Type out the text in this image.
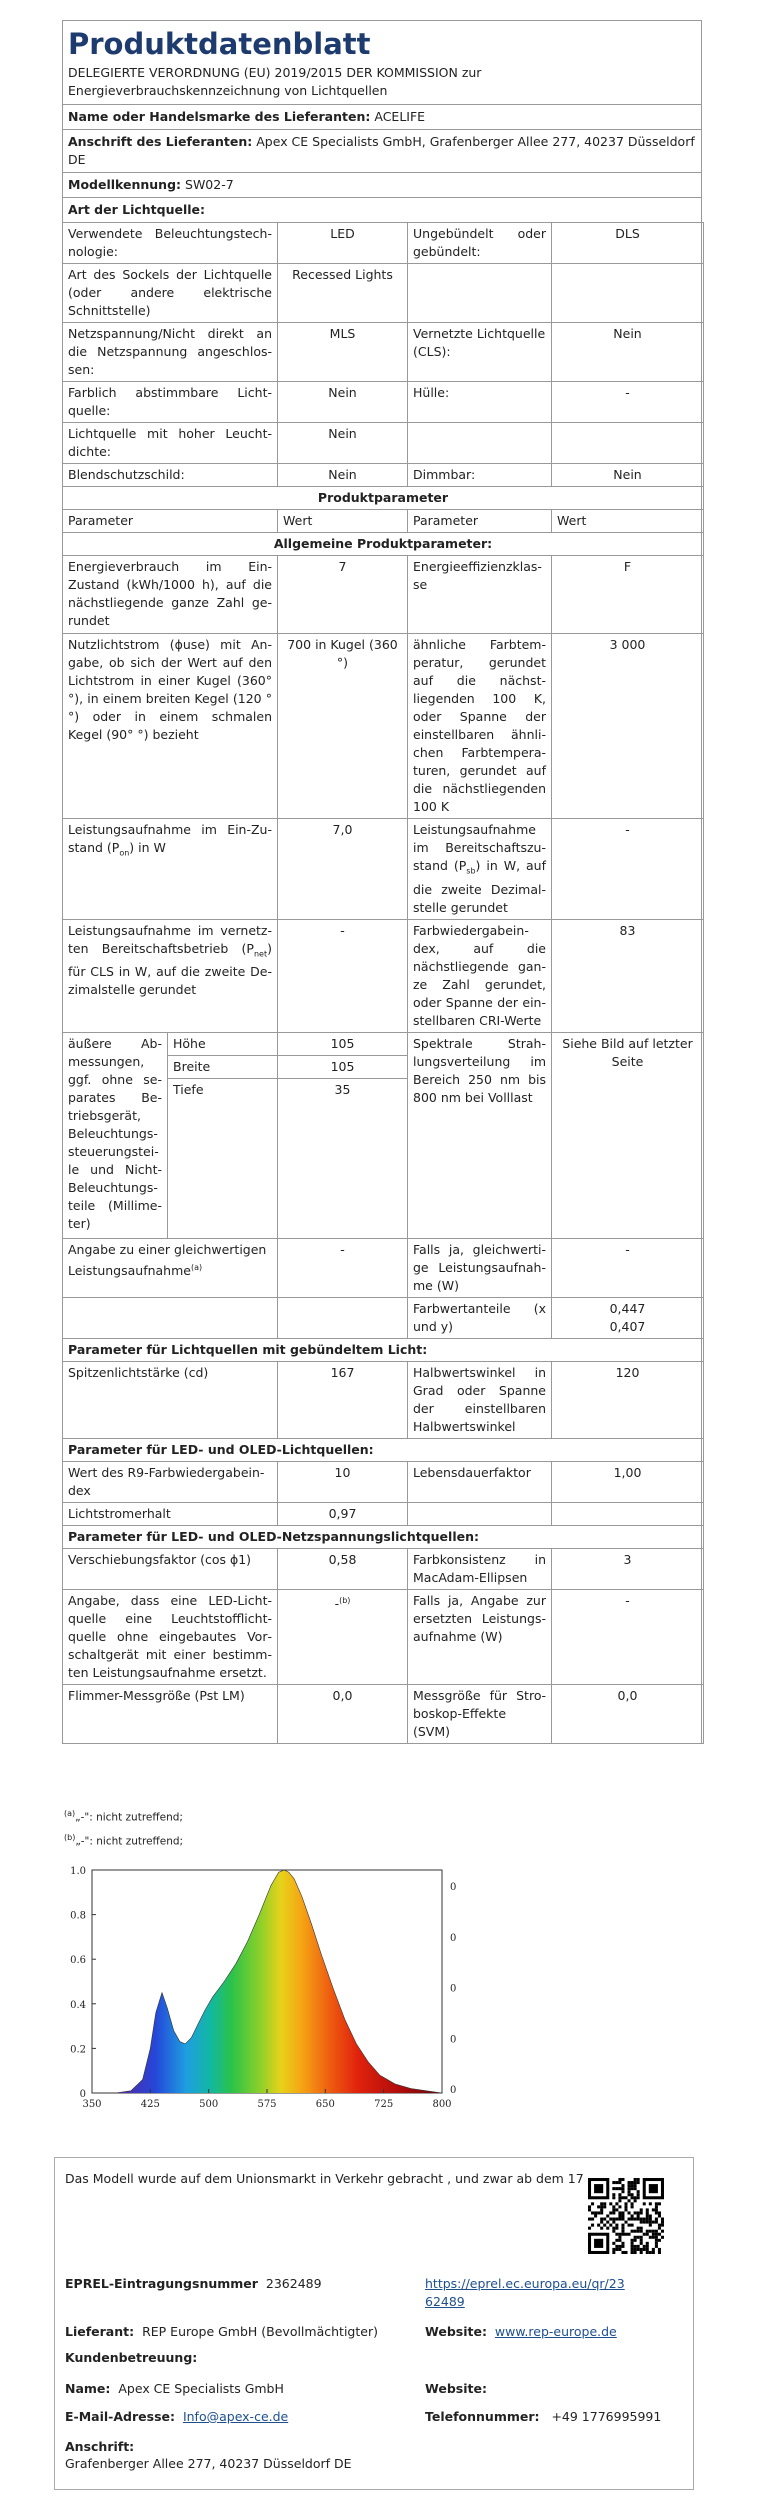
Produktdatenblatt
DELEGIERTE VERORDNUNG (EU) 2019/2015 DER KOMMISSION zur Energieverbrauchskennzeichnung von Lichtquellen
Name oder Handelsmarke des Lieferanten: ACELIFE
Anschrift des Lieferanten: Apex CE Specialists GmbH, Grafenberger Allee 277, 40237 Düsseldorf DE
Modellkennung: SW02-7
Art der Lichtquelle:
Verwendete Beleuchtungstechnologie:	LED	Ungebündelt oder gebündelt:	DLS
Art des Sockels der Lichtquelle (oder andere elektrische Schnittstelle)	Recessed Lights		
Netzspannung/Nicht direkt an die Netzspannung angeschlossen:	MLS	Vernetzte Lichtquelle (CLS):	Nein
Farblich abstimmbare Lichtquelle:	Nein	Hülle:	-
Lichtquelle mit hoher Leuchtdichte:	Nein		
Blendschutzschild:	Nein	Dimmbar:	Nein
Produktparameter			
Parameter	Wert	Parameter	Wert
Allgemeine Produktparameter:			
Energieverbrauch im Ein-Zustand (kWh/1000 h), auf die nächstliegende ganze Zahl gerundet	7	Energieeffizienzklasse	F
Nutzlichtstrom (ɸuse) mit Angabe, ob sich der Wert auf den Lichtstrom in einer Kugel (360° °), in einem breiten Kegel (120 °°) oder in einem schmalen Kegel (90° °) bezieht	700 in Kugel (360 °)	ähnliche Farbtemperatur, gerundet auf die nächstliegenden 100 K, oder Spanne der einstellbaren ähnlichen Farbtemperaturen, gerundet auf die nächstliegenden 100 K	3 000
Leistungsaufnahme im Ein-Zustand $(P_{on})$ in W	7,0	Leistungsaufnahme im Bereitschaftszustand $(P_{sb})$ in W, auf die zweite Dezimalstelle gerundet	-
Leistungsaufnahme im vernetzten Bereitschaftsbetrieb $(P_{net})$ für CLS in W, auf die zweite Dezimalstelle gerundet	-	Farbwiedergabeindex, auf die nächstliegende ganze Zahl gerundet, oder Spanne der einstellbaren CRI-Werte	83
äußere Abmessungen, ggf. ohne separates Betriebsgerät, Beleuchtungssteuerungsteile und Nicht-Beleuchtungsteile (Millimeter)	Höhe	105	Spektrale Strahlungsverteilung im Bereich 250 nm bis 800 nm bei Volllast	Siehe Bild auf letzter Seite
	Breite	105		
	Tiefe	35		

Angabe zu einer gleichwertigen Leistungsaufnahme$^{(a)}$	-	Falls ja, gleichwertige Leistungsaufnahme (W)	-
		Farbwertanteile (x und y)	0,447
0,407

Parameter für Lichtquellen mit gebündeltem Licht:			
Spitzenlichtstärke (cd)	167	Halbwertswinkel in Grad oder Spanne der einstellbaren Halbwertswinkel	120
Parameter für LED- und OLED-Lichtquellen:			
Wert des R9-Farbwiedergabeindex	10	Lebensdauerfaktor	1,00
Lichtstromerhalt	0,97		
Parameter für LED- und OLED-Netzspannungslichtquellen:			
Verschiebungsfaktor (cos ɸ1)	0,58	Farbkonsistenz in MacAdam-Ellipsen	3
Angabe, dass eine LED-Lichtquelle eine Leuchtstofflichtquelle ohne eingebautes Vorschaltgerät mit einer bestimmten Leistungsaufnahme ersetzt.	-$^{(b)}$	Falls ja, Angabe zur ersetzten Leistungsaufnahme (W)	-
Flimmer-Messgröße (Pst LM)	0,0	Messgröße für Stroboskop-Effekte (SVM)	0,0
$^{(a)}$„-": nicht zutreffend;
$^{(b)}$„-": nicht zutreffend;
350	425	500	575	650	725	800
0
0.2
0.4
0.6
0.8
1.0
0
0
0
0
0
Das Modell wurde auf dem Unionsmarkt in Verkehr gebracht , und zwar ab dem 17
EPREL-Eintragungsnummer 2362489	https://eprel.ec.europa.eu/qr/23
62489
Lieferant: REP Europe GmbH (Bevollmächtigter)	Website: www.rep-europe.de
Kundenbetreuung:
Name: Apex CE Specialists GmbH	Website:
E-Mail-Adresse: Info@apex-ce.de	Telefonnummer: +49 1776995991
Anschrift:
Grafenberger Allee 277, 40237 Düsseldorf DE
